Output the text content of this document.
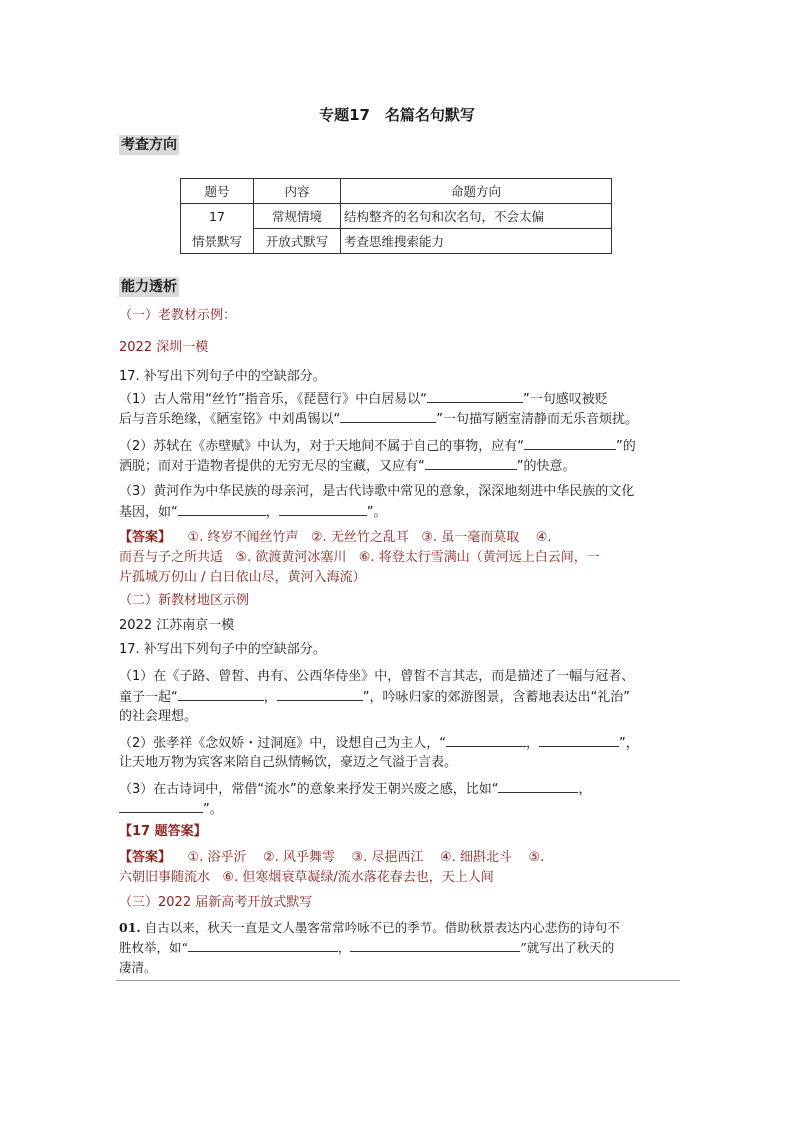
专题17　名篇名句默写
考查方向
题号	内容	命题方向
17	常规情境	结构整齐的名句和次名句，不会太偏
情景默写	开放式默写	考查思维搜索能力
能力透析
（一）老教材示例：
2022 深圳一模
17. 补写出下列句子中的空缺部分。
（1）古人常用“丝竹”指音乐，《琵琶行》中白居易以“	”一句感叹被贬
后与音乐绝缘，《陋室铭》中刘禹锡以“	”一句描写陋室清静而无乐音烦扰。
（2）苏轼在《赤壁赋》中认为，对于天地间不属于自己的事物，应有“	”的
洒脱；而对于造物者提供的无穷无尽的宝藏，又应有“	”的快意。
（3）黄河作为中华民族的母亲河，是古代诗歌中常见的意象，深深地刻进中华民族的文化
基因，如“	，	”。
【答案】 ①. 终岁不闻丝竹声 ②. 无丝竹之乱耳 ③. 虽一毫而莫取 ④.
而吾与子之所共适 ⑤. 欲渡黄河冰塞川 ⑥. 将登太行雪满山（黄河远上白云间，一
片孤城万仞山 / 白日依山尽，黄河入海流）
（二）新教材地区示例
2022 江苏南京一模
17. 补写出下列句子中的空缺部分。
（1）在《子路、曾皙、冉有、公西华侍坐》中，曾皙不言其志，而是描述了一幅与冠者、
童子一起“	，	”，吟咏归家的郊游图景，含蓄地表达出“礼治”
的社会理想。
（2）张孝祥《念奴娇・过洞庭》中，设想自己为主人，“	，	”，
让天地万物为宾客来陪自己纵情畅饮，豪迈之气溢于言表。
（3）在古诗词中，常借“流水”的意象来抒发王朝兴废之感，比如“	，
”。
【17 题答案】
【答案】 ①. 浴乎沂 ②. 风乎舞雩 ③. 尽挹西江 ④. 细斟北斗 ⑤.
六朝旧事随流水 ⑥. 但寒烟衰草凝绿/流水落花春去也，天上人间
（三）2022 届新高考开放式默写
01. 自古以来，秋天一直是文人墨客常常吟咏不已的季节。借助秋景表达内心悲伤的诗句不
胜枚举，如“	，	”就写出了秋天的
凄清。
